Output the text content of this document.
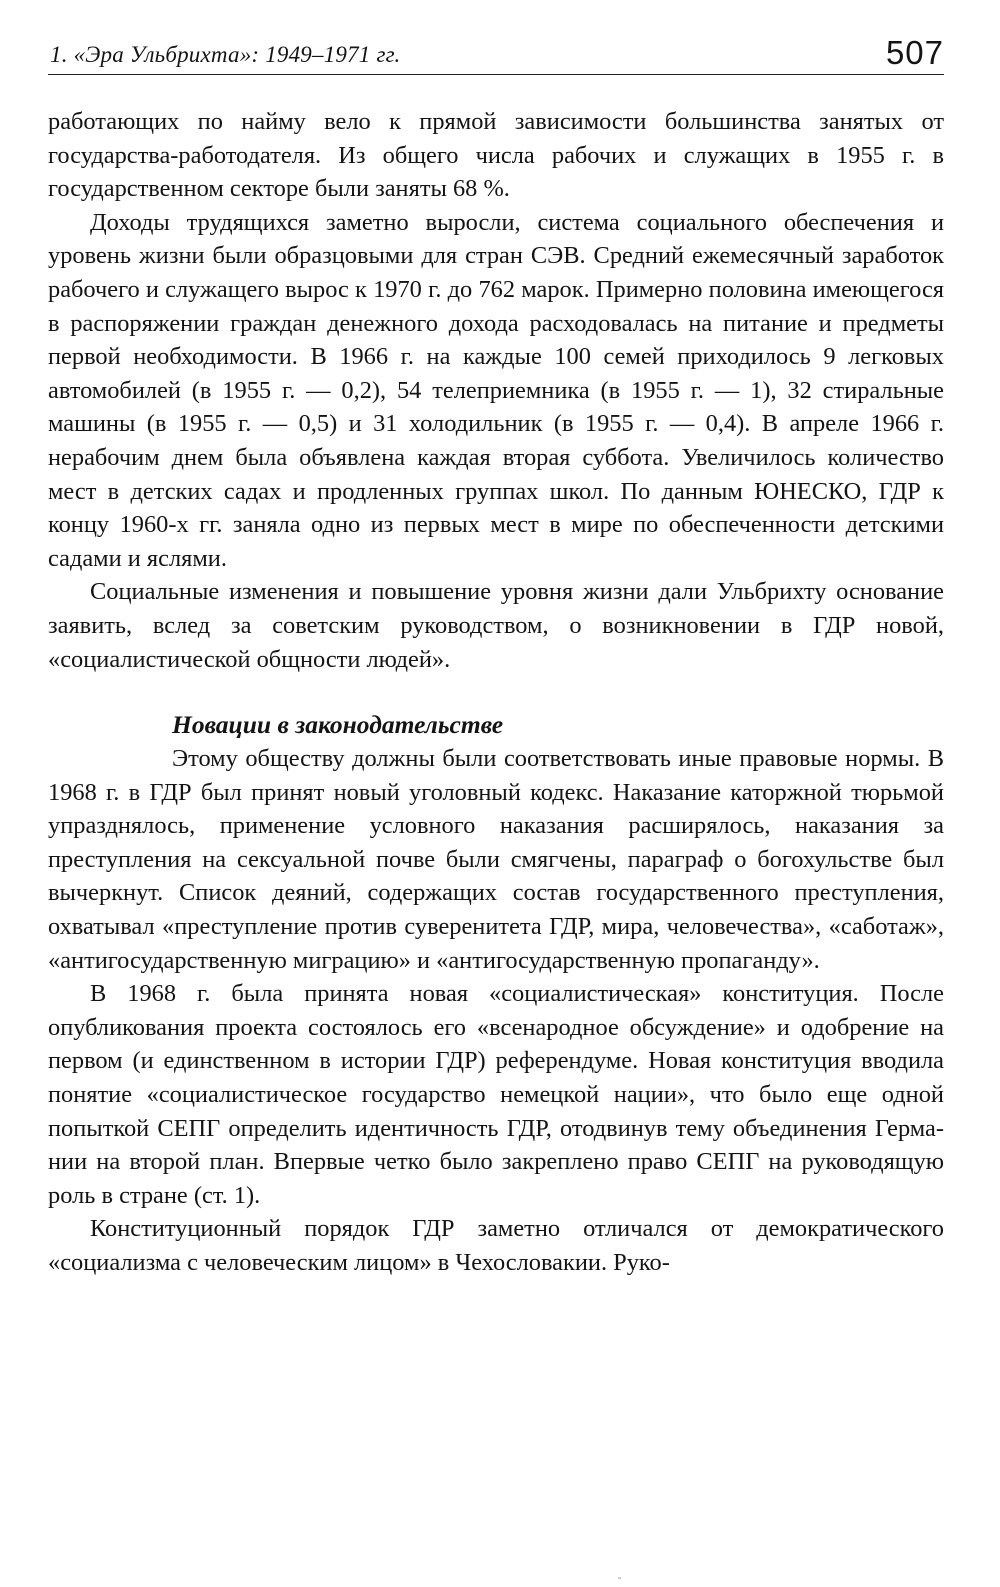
1. «Эра Ульбрихта»: 1949–1971 гг.	507

работающих по найму вело к прямой зависимости большинства занятых от государства-работодателя. Из общего числа рабочих и служащих в 1955 г. в государственном секторе были заняты 68 %.

Доходы трудящихся заметно выросли, система социального обеспечения и уровень жизни были образцовыми для стран СЭВ. Средний ежемесячный заработок рабочего и служащего вырос к 1970 г. до 762 марок. Примерно половина имеющегося в распоряжении граждан денежного дохода расходовалась на питание и предметы первой необходимости. В 1966 г. на каждые 100 семей приходилось 9 легковых автомобилей (в 1955 г. — 0,2), 54 телеприемника (в 1955 г. — 1), 32 стиральные машины (в 1955 г. — 0,5) и 31 холодильник (в 1955 г. — 0,4). В апреле 1966 г. нерабочим днем была объявлена каждая вторая суббота. Увеличилось количество мест в детских садах и продленных группах школ. По данным ЮНЕСКО, ГДР к концу 1960-х гг. заняла одно из первых мест в мире по обеспеченности детскими садами и яслями.

Социальные изменения и повышение уровня жизни дали Ульбрихту основание заявить, вслед за советским руководством, о возникновении в ГДР новой, «социалистической общности людей».

Новации в законодательстве

Этому обществу должны были соответствовать иные правовые нормы. В 1968 г. в ГДР был принят новый уголовный кодекс. Наказание каторжной тюрьмой упразднялось, применение условного наказания расширялось, наказания за преступления на сексуальной почве были смягчены, параграф о богохульстве был вычеркнут. Список деяний, содержащих состав государственного преступления, охватывал «преступление против суверенитета ГДР, мира, человечества», «саботаж», «антигосударственную миграцию» и «антигосударственную пропаганду».

В 1968 г. была принята новая «социалистическая» конституция. После опубликования проекта состоялось его «всенародное обсуждение» и одобрение на первом (и единственном в истории ГДР) референдуме. Новая конституция вводила понятие «социалистическое государство немецкой нации», что было еще одной попыткой СЕПГ определить идентичность ГДР, отодвинув тему объединения Германии на второй план. Впервые четко было закреплено право СЕПГ на руководящую роль в стране (ст. 1).

Конституционный порядок ГДР заметно отличался от демократического «социализма с человеческим лицом» в Чехословакии. Руко-
